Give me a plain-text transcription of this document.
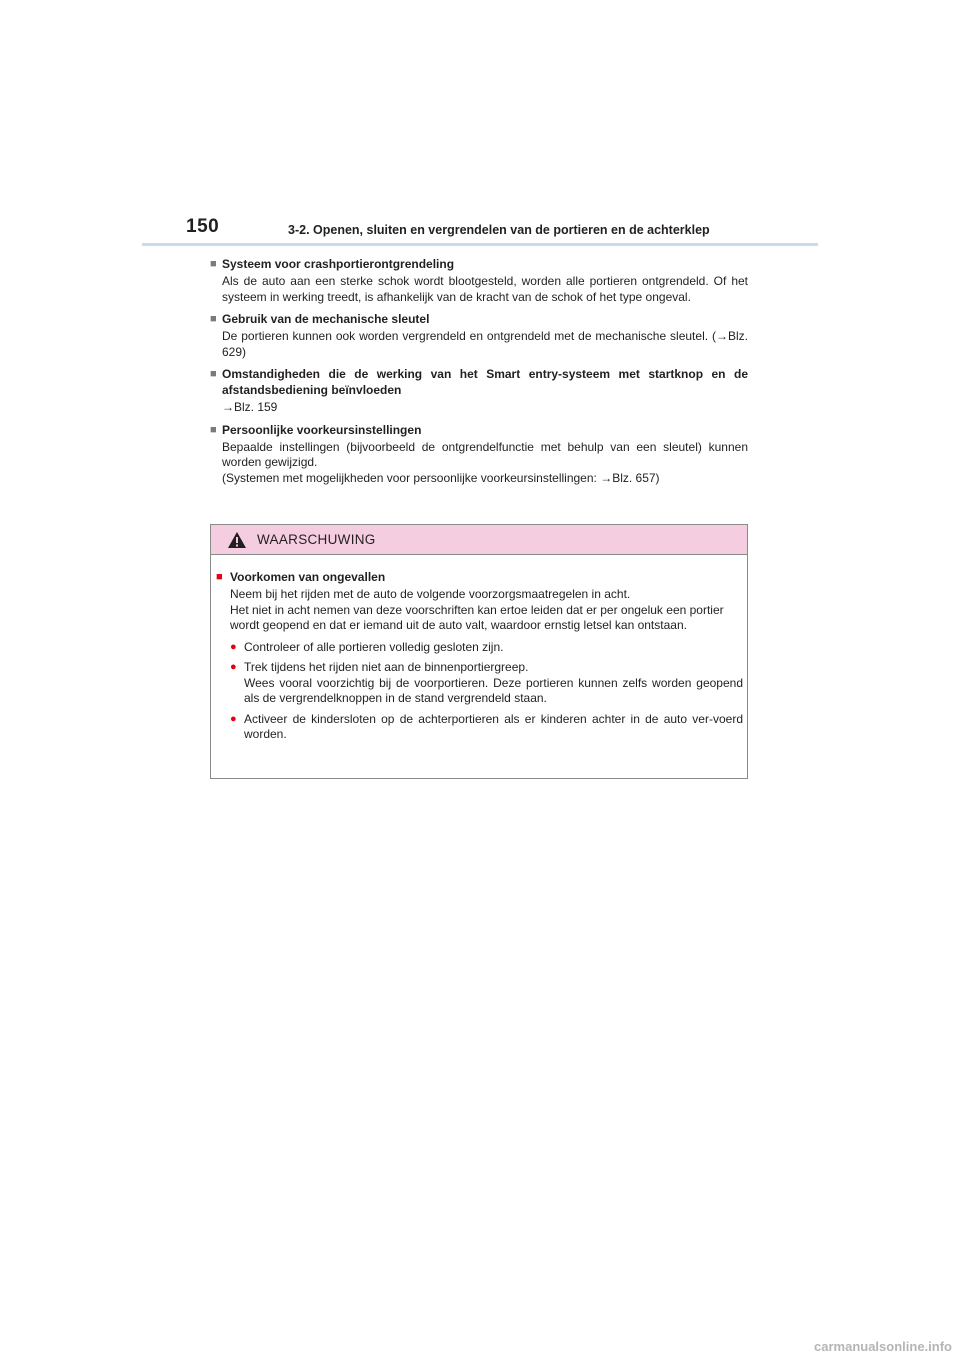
150	3-2. Openen, sluiten en vergrendelen van de portieren en de achterklep
■ Systeem voor crashportierontgrendeling

Als de auto aan een sterke schok wordt blootgesteld, worden alle portieren ontgrendeld. Of het systeem in werking treedt, is afhankelijk van de kracht van de schok of het type ongeval.

■ Gebruik van de mechanische sleutel

De portieren kunnen ook worden vergrendeld en ontgrendeld met de mechanische sleutel. (→Blz. 629)

■ Omstandigheden die de werking van het Smart entry-systeem met startknop en de afstandsbediening beïnvloeden

→Blz. 159

■ Persoonlijke voorkeursinstellingen

Bepaalde instellingen (bijvoorbeeld de ontgrendelfunctie met behulp van een sleutel) kunnen worden gewijzigd.

(Systemen met mogelijkheden voor persoonlijke voorkeursinstellingen: →Blz. 657)

WAARSCHUWING
■ Voorkomen van ongevallen

Neem bij het rijden met de auto de volgende voorzorgsmaatregelen in acht.

Het niet in acht nemen van deze voorschriften kan ertoe leiden dat er per ongeluk een portier wordt geopend en dat er iemand uit de auto valt, waardoor ernstig letsel kan ontstaan.

● Controleer of alle portieren volledig gesloten zijn.

● Trek tijdens het rijden niet aan de binnenportiergreep.

Wees vooral voorzichtig bij de voorportieren. Deze portieren kunnen zelfs worden geopend als de vergrendelknoppen in de stand vergrendeld staan.

● Activeer de kindersloten op de achterportieren als er kinderen achter in de auto ver-voerd worden.

carmanualsonline.info
